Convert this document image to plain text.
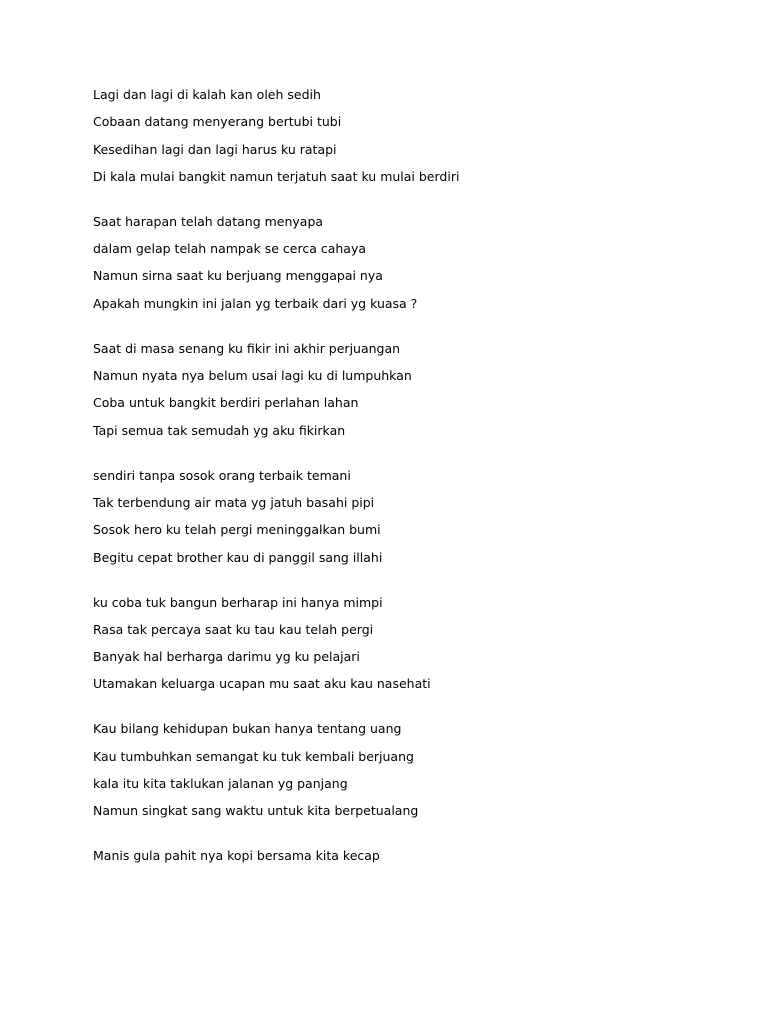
Lagi dan lagi di kalah kan oleh sedih
Cobaan datang menyerang bertubi tubi
Kesedihan lagi dan lagi harus ku ratapi
Di kala mulai bangkit namun terjatuh saat ku mulai berdiri
Saat harapan telah datang menyapa
dalam gelap telah nampak se cerca cahaya
Namun sirna saat ku berjuang menggapai nya
Apakah mungkin ini jalan yg terbaik dari yg kuasa ?
Saat di masa senang ku fikir ini akhir perjuangan
Namun nyata nya belum usai lagi ku di lumpuhkan
Coba untuk bangkit berdiri perlahan lahan
Tapi semua tak semudah yg aku fikirkan
sendiri tanpa sosok orang terbaik temani
Tak terbendung air mata yg jatuh basahi pipi
Sosok hero ku telah pergi meninggalkan bumi
Begitu cepat brother kau di panggil sang illahi
ku coba tuk bangun berharap ini hanya mimpi
Rasa tak percaya saat ku tau kau telah pergi
Banyak hal berharga darimu yg ku pelajari
Utamakan keluarga ucapan mu saat aku kau nasehati
Kau bilang kehidupan bukan hanya tentang uang
Kau tumbuhkan semangat ku tuk kembali berjuang
kala itu kita taklukan jalanan yg panjang
Namun singkat sang waktu untuk kita berpetualang
Manis gula pahit nya kopi bersama kita kecap
